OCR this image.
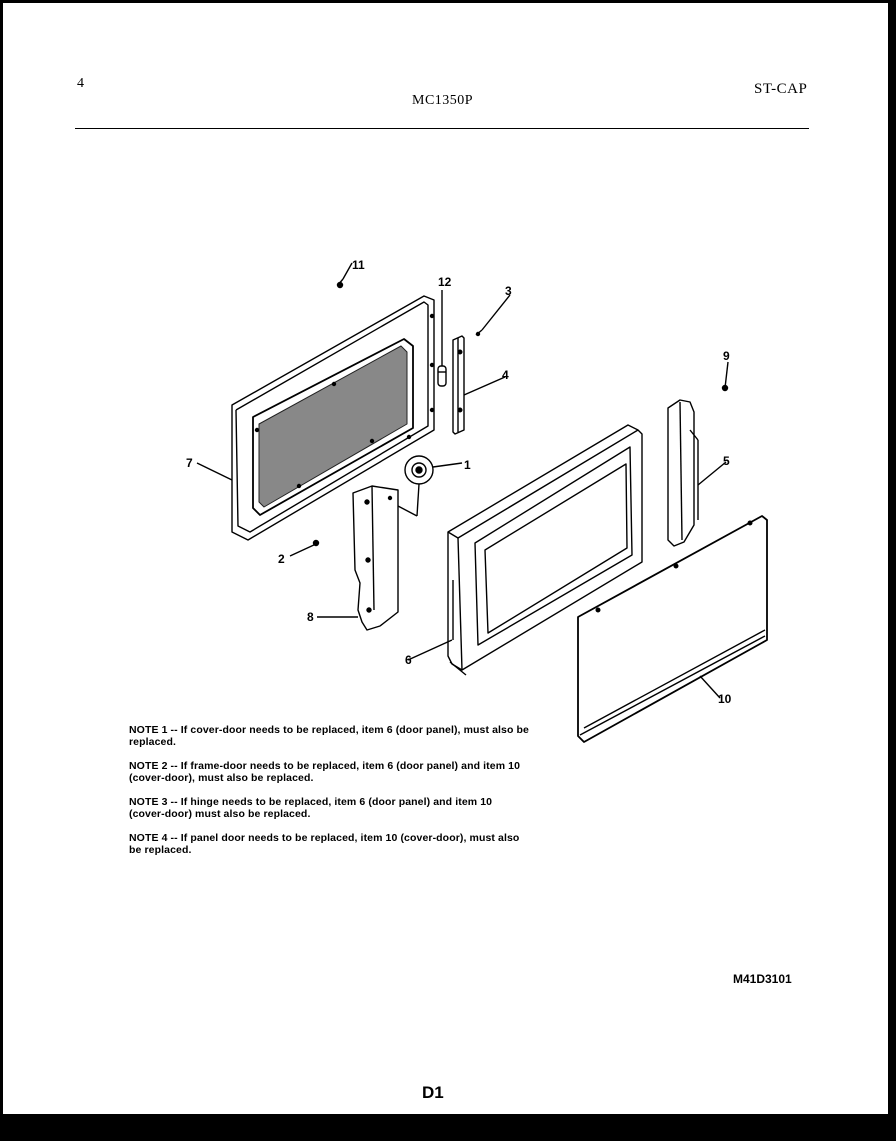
4
MC1350P
ST-CAP
11
12
3
4
9
7	1	5
2
8
6
10
NOTE 1 -- If cover-door needs to be replaced, item 6 (door panel), must also be replaced.
NOTE 2 -- If frame-door needs to be replaced, item 6 (door panel) and item 10 (cover-door), must also be replaced.
NOTE 3 -- If hinge needs to be replaced, item 6 (door panel) and item 10 (cover-door) must also be replaced.
NOTE 4 -- If panel door needs to be replaced, item 10 (cover-door), must also be replaced.
M41D3101
D1
